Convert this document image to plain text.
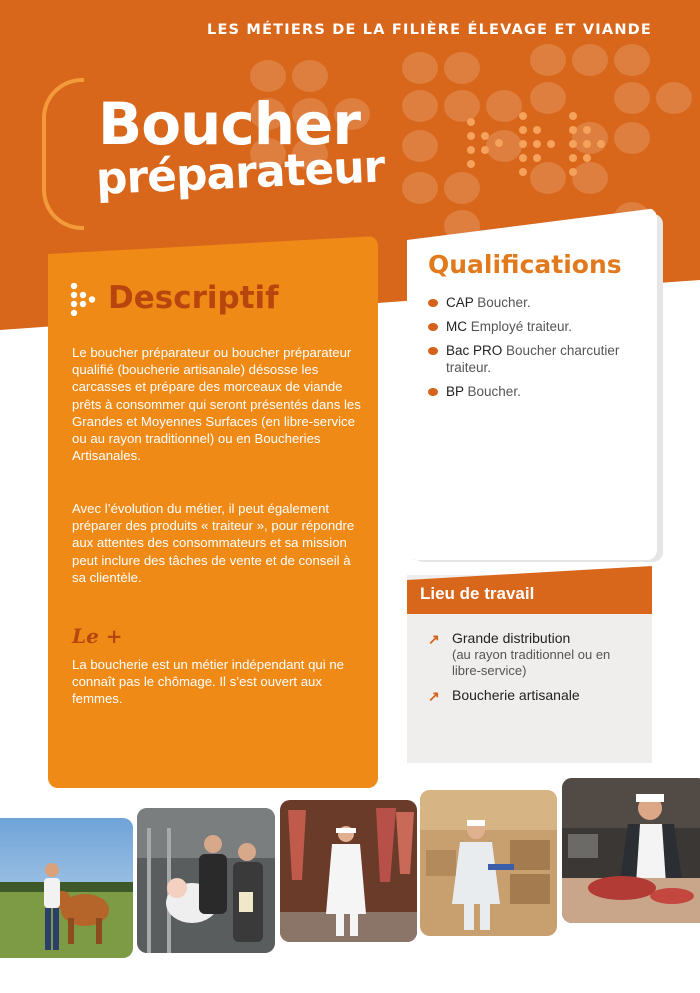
LES MÉTIERS DE LA FILIÈRE ÉLEVAGE ET VIANDE
Boucher
préparateur
Descriptif

Le boucher préparateur ou boucher préparateur qualifié (boucherie artisanale) désosse les carcasses et prépare des morceaux de viande prêts à consommer qui seront présentés dans les Grandes et Moyennes Surfaces (en libre-service ou au rayon traditionnel) ou en Boucheries Artisanales.

Avec l’évolution du métier, il peut également préparer des produits « traiteur », pour répondre aux attentes des consommateurs et sa mission peut inclure des tâches de vente et de conseil à sa clientèle.

Le +

La boucherie est un métier indépendant qui ne connaît pas le chômage. Il s’est ouvert aux femmes.

Qualifications
CAP Boucher.
MC Employé traiteur.
Bac PRO Boucher charcutier traiteur.
BP Boucher.
Lieu de travail
↗ Grande distribution
(au rayon traditionnel ou en libre-service)
↗ Boucherie artisanale
